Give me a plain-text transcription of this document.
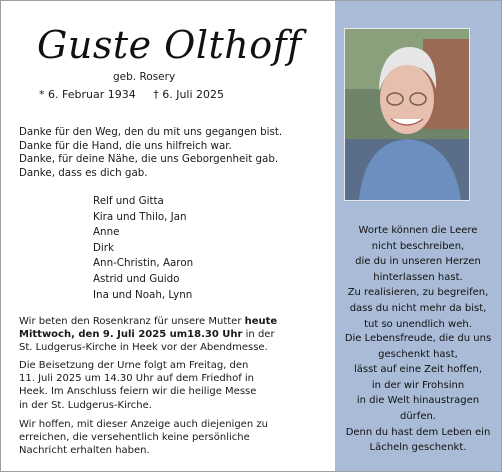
Guste Olthoff
geb. Rosery
* 6. Februar 1934 † 6. Juli 2025
Danke für den Weg, den du mit uns gegangen bist.
Danke für die Hand, die uns hilfreich war.
Danke, für deine Nähe, die uns Geborgenheit gab.
Danke, dass es dich gab.
Relf und Gitta
Kira und Thilo, Jan
Anne
Dirk
Ann-Christin, Aaron
Astrid und Guido
Ina und Noah, Lynn
Wir beten den Rosenkranz für unsere Mutter heute
Mittwoch, den 9. Juli 2025 um18.30 Uhr in der
St. Ludgerus-Kirche in Heek vor der Abendmesse.
Die Beisetzung der Urne folgt am Freitag, den
11. Juli 2025 um 14.30 Uhr auf dem Friedhof in
Heek. Im Anschluss feiern wir die heilige Messe
in der St. Ludgerus-Kirche.
Wir hoffen, mit dieser Anzeige auch diejenigen zu
erreichen, die versehentlich keine persönliche
Nachricht erhalten haben.
Worte können die Leere
nicht beschreiben,
die du in unseren Herzen
hinterlassen hast.
Zu realisieren, zu begreifen,
dass du nicht mehr da bist,
tut so unendlich weh.
Die Lebensfreude, die du uns
geschenkt hast,
lässt auf eine Zeit hoffen,
in der wir Frohsinn
in die Welt hinaustragen
dürfen.
Denn du hast dem Leben ein
Lächeln geschenkt.
